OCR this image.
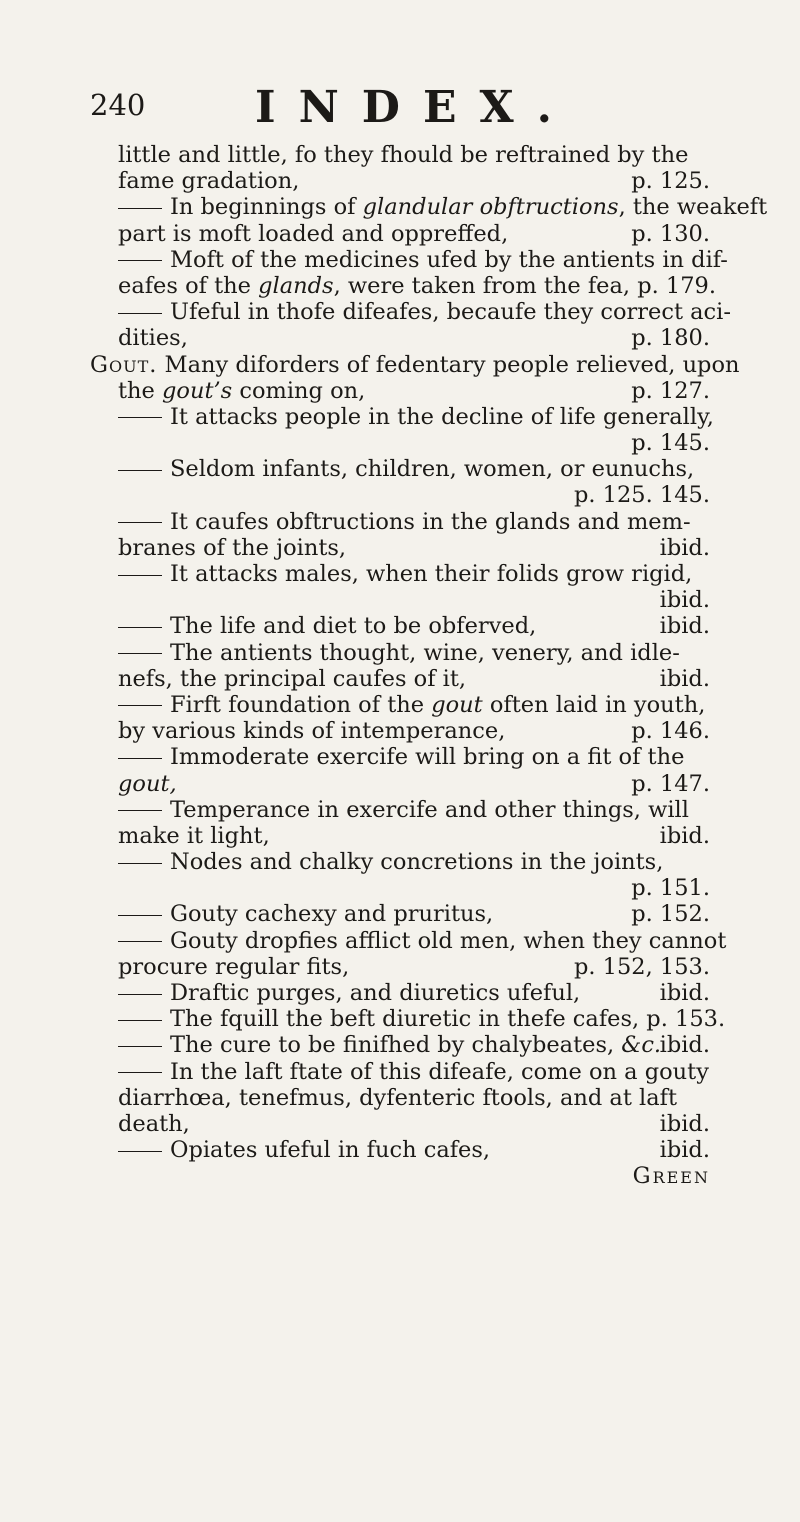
240 INDEX.
little and little, fo they fhould be reftrained by the
fame gradation,	p. 125.
In beginnings of glandular obftructions, the weakeft
part is moft loaded and oppreffed,	p. 130.
Moft of the medicines ufed by the antients in dif-
eafes of the glands, were taken from the fea, p. 179.
Ufeful in thofe difeafes, becaufe they correct aci-
dities,	p. 180.
Gout. Many diforders of fedentary people relieved, upon
the gout’s coming on,	p. 127.
It attacks people in the decline of life generally,
p. 145.
Seldom infants, children, women, or eunuchs,
p. 125. 145.
It caufes obftructions in the glands and mem-
branes of the joints,	ibid.
It attacks males, when their folids grow rigid,
ibid.
The life and diet to be obferved,	ibid.
The antients thought, wine, venery, and idle-
nefs, the principal caufes of it,	ibid.
Firft foundation of the gout often laid in youth,
by various kinds of intemperance,	p. 146.
Immoderate exercife will bring on a fit of the
gout,	p. 147.
Temperance in exercife and other things, will
make it light,	ibid.
Nodes and chalky concretions in the joints,
p. 151.
Gouty cachexy and pruritus,	p. 152.
Gouty dropfies afflict old men, when they cannot
procure regular fits,	p. 152, 153.
Draftic purges, and diuretics ufeful,	ibid.
The fquill the beft diuretic in thefe cafes, p. 153.
The cure to be finifhed by chalybeates, &c.
ibid.
In the laft ftate of this difeafe, come on a gouty
diarrhœa, tenefmus, dyfenteric ftools, and at laft
death,	ibid.
Opiates ufeful in fuch cafes,	ibid.
Green
